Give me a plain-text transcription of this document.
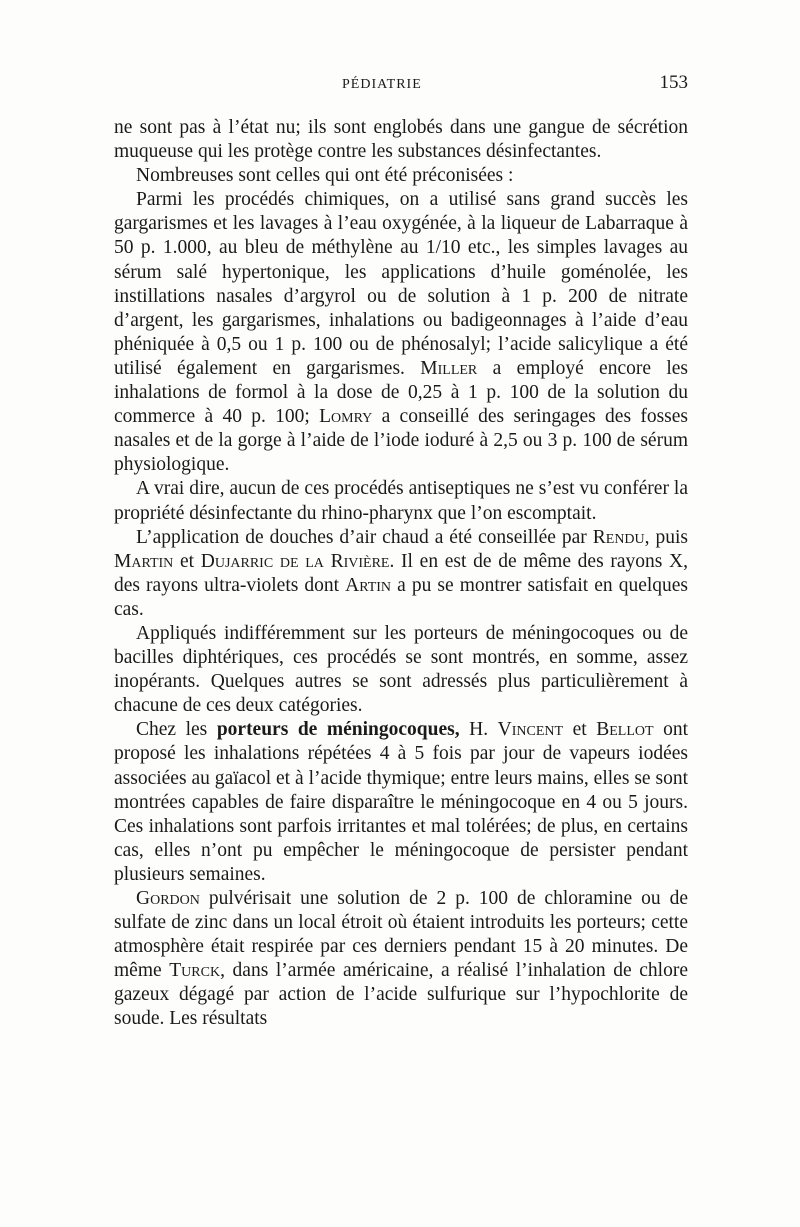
PÉDIATRIE	153

ne sont pas à l’état nu; ils sont englobés dans une gangue de sécrétion muqueuse qui les protège contre les substances désinfectantes.

Nombreuses sont celles qui ont été préconisées :

Parmi les procédés chimiques, on a utilisé sans grand succès les gargarismes et les lavages à l’eau oxygénée, à la liqueur de Labarraque à 50 p. 1.000, au bleu de méthylène au 1/10 etc., les simples lavages au sérum salé hypertonique, les applications d’huile goménolée, les instillations nasales d’argyrol ou de solution à 1 p. 200 de nitrate d’argent, les gargarismes, inhalations ou badigeonnages à l’aide d’eau phéniquée à 0,5 ou 1 p. 100 ou de phénosalyl; l’acide salicylique a été utilisé également en gargarismes. Miller a employé encore les inhalations de formol à la dose de 0,25 à 1 p. 100 de la solution du commerce à 40 p. 100; Lomry a conseillé des seringages des fosses nasales et de la gorge à l’aide de l’iode ioduré à 2,5 ou 3 p. 100 de sérum physiologique.

A vrai dire, aucun de ces procédés antiseptiques ne s’est vu conférer la propriété désinfectante du rhino-pharynx que l’on escomptait.

L’application de douches d’air chaud a été conseillée par Rendu, puis Martin et Dujarric de la Rivière. Il en est de de même des rayons X, des rayons ultra-violets dont Artin a pu se montrer satisfait en quelques cas.

Appliqués indifféremment sur les porteurs de méningocoques ou de bacilles diphtériques, ces procédés se sont montrés, en somme, assez inopérants. Quelques autres se sont adressés plus particulièrement à chacune de ces deux catégories.

Chez les porteurs de méningocoques, H. Vincent et Bellot ont proposé les inhalations répétées 4 à 5 fois par jour de vapeurs iodées associées au gaïacol et à l’acide thymique; entre leurs mains, elles se sont montrées capables de faire disparaître le méningocoque en 4 ou 5 jours. Ces inhalations sont parfois irritantes et mal tolérées; de plus, en certains cas, elles n’ont pu empêcher le méningocoque de persister pendant plusieurs semaines.

Gordon pulvérisait une solution de 2 p. 100 de chloramine ou de sulfate de zinc dans un local étroit où étaient introduits les porteurs; cette atmosphère était respirée par ces derniers pendant 15 à 20 minutes. De même Turck, dans l’armée américaine, a réalisé l’inhalation de chlore gazeux dégagé par action de l’acide sulfurique sur l’hypochlorite de soude. Les résultats
